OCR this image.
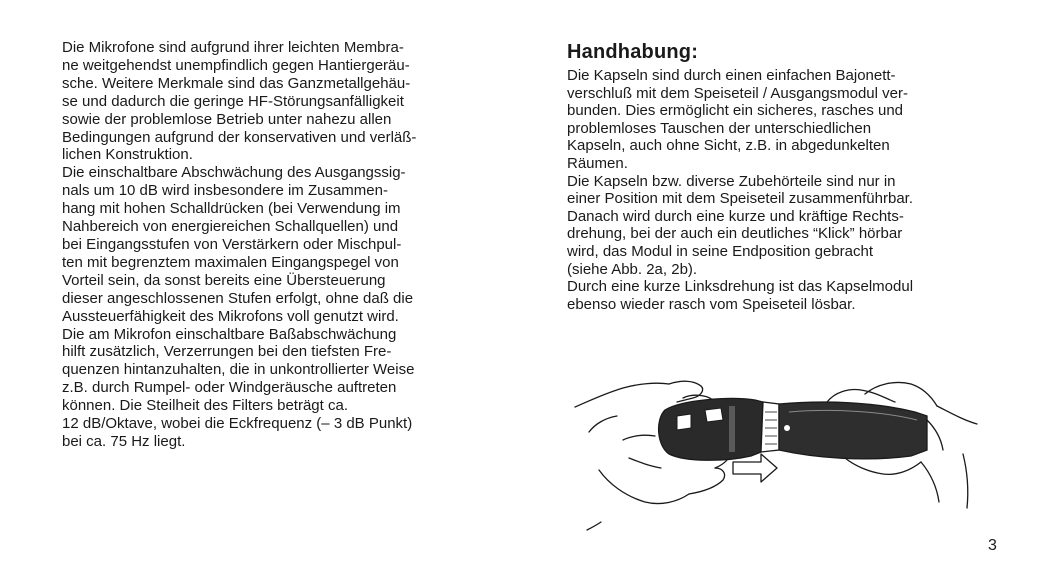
Die Mikrofone sind aufgrund ihrer leichten Membra-
ne weitgehendst unempfindlich gegen Hantiergeräu-
sche. Weitere Merkmale sind das Ganzmetallgehäu-
se und dadurch die geringe HF-Störungsanfälligkeit
sowie der problemlose Betrieb unter nahezu allen
Bedingungen aufgrund der konservativen und verläß-
lichen Konstruktion.
Die einschaltbare Abschwächung des Ausgangssig-
nals um 10 dB wird insbesondere im Zusammen-
hang mit hohen Schalldrücken (bei Verwendung im
Nahbereich von energiereichen Schallquellen) und
bei Eingangsstufen von Verstärkern oder Mischpul-
ten mit begrenztem maximalen Eingangspegel von
Vorteil sein, da sonst bereits eine Übersteuerung
dieser angeschlossenen Stufen erfolgt, ohne daß die
Aussteuerfähigkeit des Mikrofons voll genutzt wird.
Die am Mikrofon einschaltbare Baßabschwächung
hilft zusätzlich, Verzerrungen bei den tiefsten Fre-
quenzen hintanzuhalten, die in unkontrollierter Weise
z.B. durch Rumpel- oder Windgeräusche auftreten
können. Die Steilheit des Filters beträgt ca.
12 dB/Oktave, wobei die Eckfrequenz (– 3 dB Punkt)
bei ca. 75 Hz liegt.
Handhabung:
Die Kapseln sind durch einen einfachen Bajonett-
verschluß mit dem Speiseteil / Ausgangsmodul ver-
bunden. Dies ermöglicht ein sicheres, rasches und
problemloses Tauschen der unterschiedlichen
Kapseln, auch ohne Sicht, z.B. in abgedunkelten
Räumen.
Die Kapseln bzw. diverse Zubehörteile sind nur in
einer Position mit dem Speiseteil zusammenführbar.
Danach wird durch eine kurze und kräftige Rechts-
drehung, bei der auch ein deutliches “Klick” hörbar
wird, das Modul in seine Endposition gebracht
(siehe Abb. 2a, 2b).
Durch eine kurze Linksdrehung ist das Kapselmodul
ebenso wieder rasch vom Speiseteil lösbar.
3
